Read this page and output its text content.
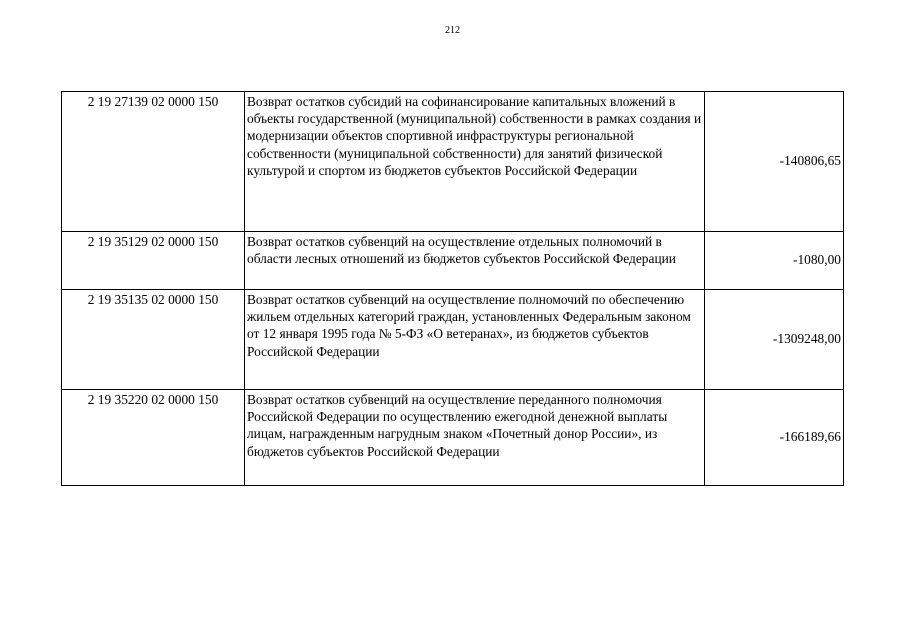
212
2 19 27139 02 0000 150	Возврат остатков субсидий на софинансирование капитальных вложений в объекты государственной (муниципальной) собственности в рамках создания и модернизации объектов спортивной инфраструктуры региональной собственности (муниципальной собственности) для занятий физической культурой и спортом из бюджетов субъектов Российской Федерации	-140806,65
2 19 35129 02 0000 150	Возврат остатков субвенций на осуществление отдельных полномочий в области лесных отношений из бюджетов субъектов Российской Федерации	-1080,00
2 19 35135 02 0000 150	Возврат остатков субвенций на осуществление полномочий по обеспечению жильем отдельных категорий граждан, установленных Федеральным законом от 12 января 1995 года № 5-ФЗ «О ветеранах», из бюджетов субъектов Российской Федерации	-1309248,00
2 19 35220 02 0000 150	Возврат остатков субвенций на осуществление переданного полномочия Российской Федерации по осуществлению ежегодной денежной выплаты лицам, награжденным нагрудным знаком «Почетный донор России», из бюджетов субъектов Российской Федерации	-166189,66
